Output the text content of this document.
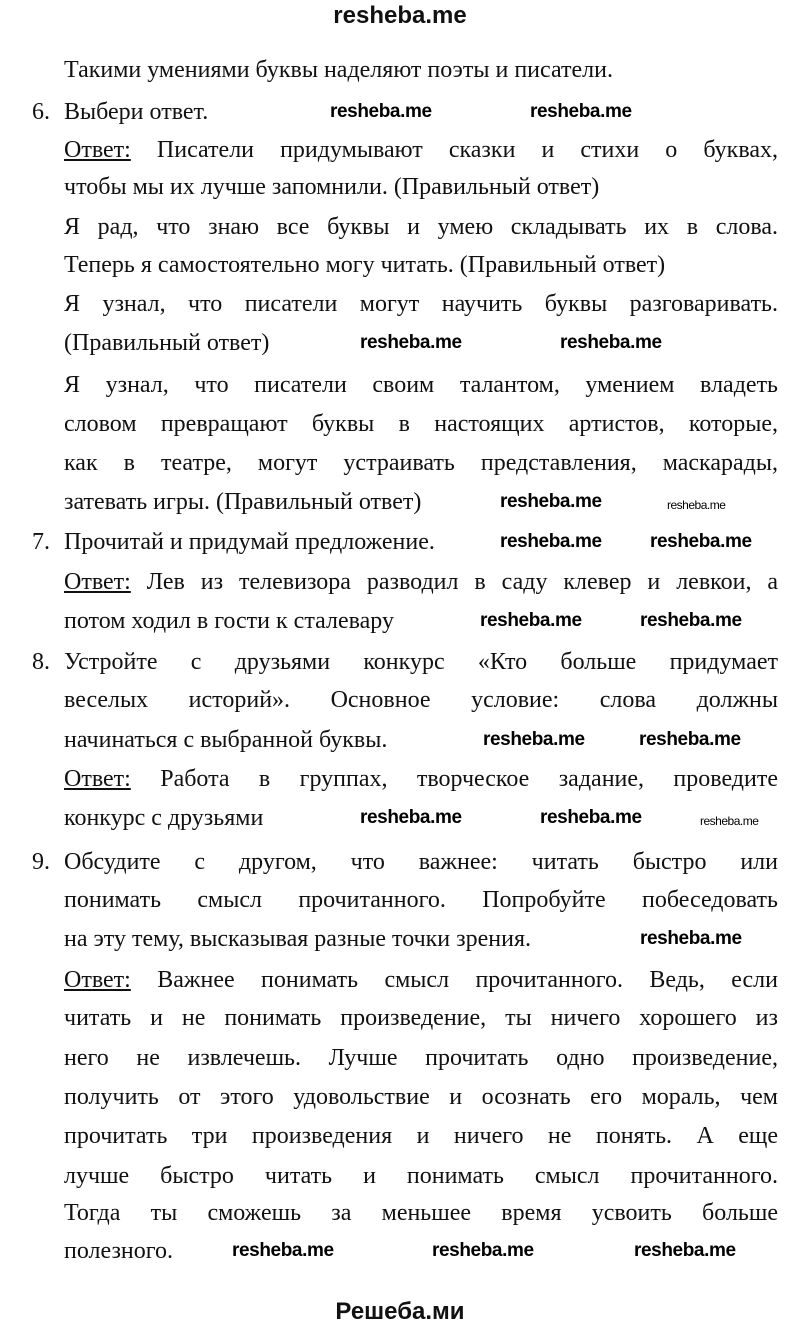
resheba.me
Такими умениями буквы наделяют поэты и писатели.
6. Выбери ответ.
Ответ: Писатели придумывают сказки и стихи о буквах,
чтобы мы их лучше запомнили. (Правильный ответ)
Я рад, что знаю все буквы и умею складывать их в слова.
Теперь я самостоятельно могу читать. (Правильный ответ)
Я узнал, что писатели могут научить буквы разговаривать.
(Правильный ответ)
Я узнал, что писатели своим талантом, умением владеть
словом превращают буквы в настоящих артистов, которые,
как в театре, могут устраивать представления, маскарады,
затевать игры. (Правильный ответ)
7. Прочитай и придумай предложение.
Ответ: Лев из телевизора разводил в саду клевер и левкои, а
потом ходил в гости к сталевару
8. Устройте с друзьями конкурс «Кто больше придумает
веселых историй». Основное условие: слова должны
начинаться с выбранной буквы.
Ответ: Работа в группах, творческое задание, проведите
конкурс с друзьями
9. Обсудите с другом, что важнее: читать быстро или
понимать смысл прочитанного. Попробуйте побеседовать
на эту тему, высказывая разные точки зрения.
Ответ: Важнее понимать смысл прочитанного. Ведь, если
читать и не понимать произведение, ты ничего хорошего из
него не извлечешь. Лучше прочитать одно произведение,
получить от этого удовольствие и осознать его мораль, чем
прочитать три произведения и ничего не понять. А еще
лучше быстро читать и понимать смысл прочитанного.
Тогда ты сможешь за меньшее время усвоить больше
полезного.
resheba.me	resheba.me
resheba.me	resheba.me
resheba.me	resheba.me
resheba.me	resheba.me
resheba.me	resheba.me
resheba.me	resheba.me
resheba.me	resheba.me	resheba.me
resheba.me
resheba.me	resheba.me	resheba.me
Решеба.ми
